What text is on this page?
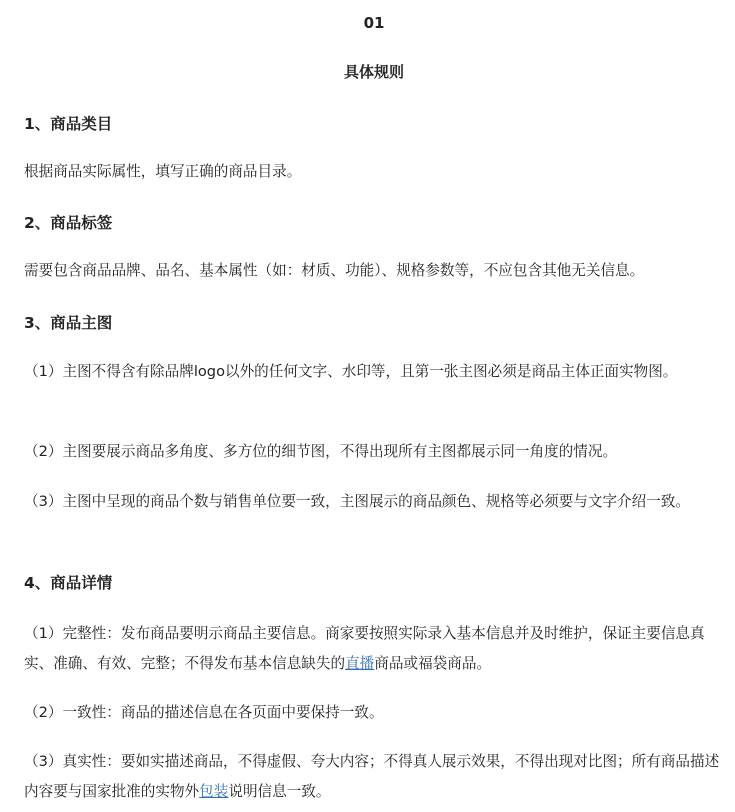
01
具体规则
1、商品类目
根据商品实际属性，填写正确的商品目录。
2、商品标签
需要包含商品品牌、品名、基本属性（如：材质、功能）、规格参数等，不应包含其他无关信息。
3、商品主图
（1）主图不得含有除品牌logo以外的任何文字、水印等，且第一张主图必须是商品主体正面实物图。
（2）主图要展示商品多角度、多方位的细节图，不得出现所有主图都展示同一角度的情况。
（3）主图中呈现的商品个数与销售单位要一致，主图展示的商品颜色、规格等必须要与文字介绍一致。
4、商品详情
（1）完整性：发布商品要明示商品主要信息。商家要按照实际录入基本信息并及时维护，保证主要信息真实、准确、有效、完整；不得发布基本信息缺失的直播商品或福袋商品。
（2）一致性：商品的描述信息在各页面中要保持一致。
（3）真实性：要如实描述商品，不得虚假、夸大内容；不得真人展示效果，不得出现对比图；所有商品描述内容要与国家批准的实物外包装说明信息一致。
